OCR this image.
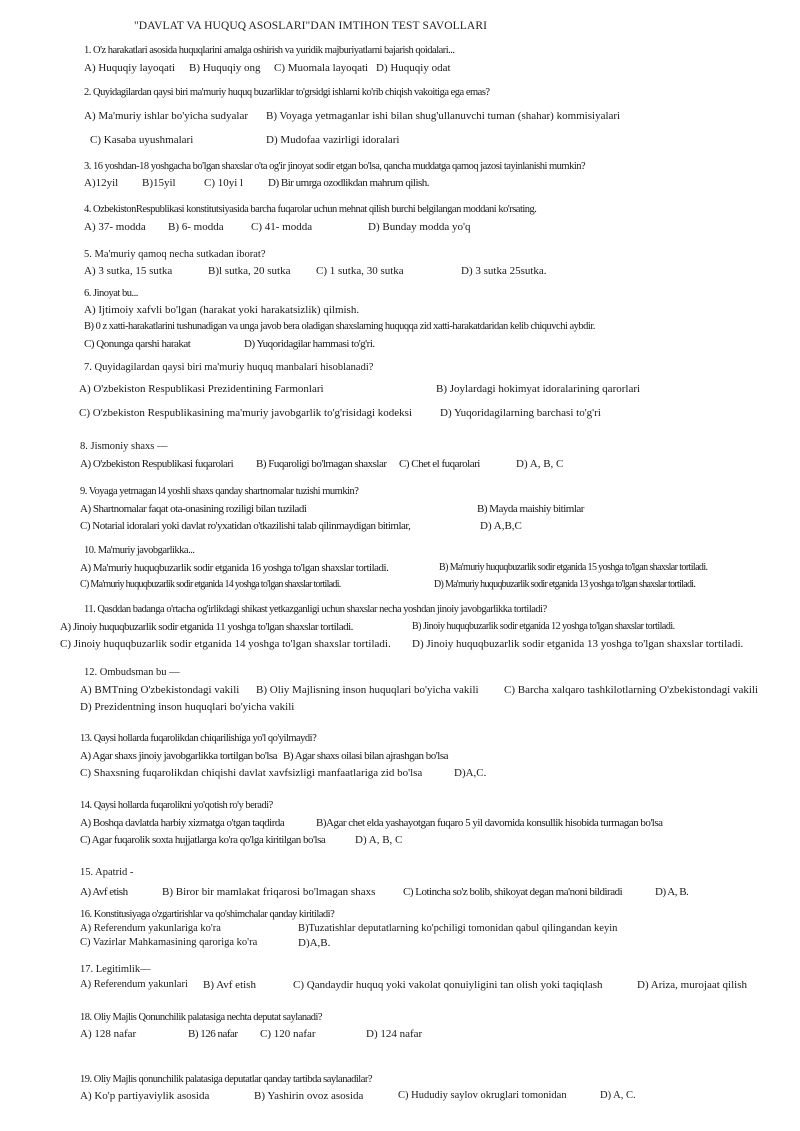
"DAVLAT VA HUQUQ ASOSLARI"DAN IMTIHON TEST SAVOLLARI
1. O'z harakatlari asosida huquqlarini amalga oshirish va yuridik majburiyatlarni bajarish qoidalari...
A) Huquqiy layoqati B) Huquqiy ong C) Muomala layoqati D) Huquqiy odat
2. Quyidagilardan qaysi biri ma'muriy huquq buzarliklar to'grsidgi ishlarni ko'rib chiqish vakoitiga ega emas?
A) Ma'muriy ishlar bo'yicha sudyalar B) Voyaga yetmaganlar ishi bilan shug'ullanuvchi tuman (shahar) kommisiyalari
C) Kasaba uyushmalari	D) Mudofaa vazirligi idoralari
3. 16 yoshdan-18 yoshgacha bo'lgan shaxslar o'ta og'ir jinoyat sodir etgan bo'lsa, qancha muddatga qamoq jazosi tayinlanishi mumkin?
A)12yil B)15yil	C) 10yi l D) Bir umrga ozodlikdan mahrum qilish.
4. OzbekistonRespublikasi konstitutsiyasida barcha fuqarolar uchun mehnat qilish burchi belgilangan moddani ko'rsating.
A) 37- modda B) 6- modda C) 41- modda	D) Bunday modda yo'q
5. Ma'muriy qamoq necha sutkadan iborat?
A) 3 sutka, 15 sutka	B)l sutka, 20 sutka C) 1 sutka, 30 sutka	D) 3 sutka 25sutka.
6. Jinoyat bu...
A) Ijtimoiy xafvli bo'lgan (harakat yoki harakatsizlik) qilmish.
B) 0 z xatti-harakatlarini tushunadigan va unga javob bera oladigan shaxslarning huquqqa zid xatti-harakatdaridan kelib chiquvchi aybdir.
C) Qonunga qarshi harakat	D) Yuqoridagilar hammasi to'g'ri.
7. Quyidagilardan qaysi biri ma'muriy huquq manbalari hisoblanadi?
A) O'zbekiston Respublikasi Prezidentining Farmonlari	B) Joylardagi hokimyat idoralarining qarorlari
C) O'zbekiston Respublikasining ma'muriy javobgarlik to'g'risidagi kodeksi	D) Yuqoridagilarning barchasi to'g'ri
8. Jismoniy shaxs —
A) O'zbekiston Respublikasi fuqarolari B) Fuqaroligi bo'lmagan shaxslar C) Chet el fuqarolari	D) A, B, C
9. Voyaga yetmagan l4 yoshli shaxs qanday shartnomalar tuzishi mumkin?
A) Shartnomalar faqat ota-onasining roziligi bilan tuziladi	B) Mayda maishiy bitimlar
C) Notarial idoralari yoki davlat ro'yxatidan o'tkazilishi talab qilinmaydigan bitimlar,	D) A,B,C
10. Ma'muriy javobgarlikka...
A) Ma'muriy huquqbuzarlik sodir etganida 16 yoshga to'lgan shaxslar tortiladi.	B) Ma'muriy huquqbuzarlik sodir etganida 15 yoshga to'lgan shaxslar tortiladi.
C) Ma'muriy huquqbuzarlik sodir etganida 14 yoshga to'lgan shaxslar tortiladi.	D) Ma'muriy huquqbuzarlik sodir etganida 13 yoshga to'lgan shaxslar tortiladi.
11. Qasddan badanga o'rtacha og'irlikdagi shikast yetkazganligi uchun shaxslar necha yoshdan jinoiy javobgarlikka tortiladi?
A) Jinoiy huquqbuzarlik sodir etganida 11 yoshga to'lgan shaxslar tortiladi.	B) Jinoiy huquqbuzarlik sodir etganida 12 yoshga to'lgan shaxslar tortiladi.
C) Jinoiy huquqbuzarlik sodir etganida 14 yoshga to'lgan shaxslar tortiladi. D) Jinoiy huquqbuzarlik sodir etganida 13 yoshga to'lgan shaxslar tortiladi.
12. Ombudsman bu —
A) BMTning O'zbekistondagi vakili B) Oliy Majlisning inson huquqlari bo'yicha vakili C) Barcha xalqaro tashkilotlarning O'zbekistondagi vakili
D) Prezidentning inson huquqlari bo'yicha vakili
13. Qaysi hollarda fuqarolikdan chiqarilishiga yo'l qo'yilmaydi?
A) Agar shaxs jinoiy javobgarlikka tortilgan bo'lsa B) Agar shaxs oilasi bilan ajrashgan bo'lsa
C) Shaxsning fuqarolikdan chiqishi davlat xavfsizligi manfaatlariga zid bo'lsa	D)A,C.
14. Qaysi hollarda fuqarolikni yo'qotish ro'y beradi?
A) Boshqa davlatda harbiy xizmatga o'tgan taqdirda	B)Agar chet elda yashayotgan fuqaro 5 yil davomida konsullik hisobida turmagan bo'lsa
C) Agar fuqarolik soxta hujjatlarga ko'ra qo'lga kiritilgan bo'lsa	D) A, B, C
15. Apatrid -
A) Avf etish	B) Biror bir mamlakat friqarosi bo'lmagan shaxs	C) Lotincha so'z bolib, shikoyat degan ma'noni bildiradi	D) A, B.
16. Konstitusiyaga o'zgartirishlar va qo'shimchalar qanday kiritiladi?
A) Referendum yakunlariga ko'ra	B)Tuzatishlar deputatlarning ko'pchiligi tomonidan qabul qilingandan keyin
C) Vazirlar Mahkamasining qaroriga ko'ra	D)A,B.
17. Legitimlik—
A) Referendum yakunlari B) Avf etish	C) Qandaydir huquq yoki vakolat qonuiyligini tan olish yoki taqiqlash	D) Ariza, murojaat qilish
18. Oliy Majlis Qonunchilik palatasiga nechta deputat saylanadi?
A) 128 nafar	B) 126 nafar C) 120 nafar	D) 124 nafar
19. Oliy Majlis qonunchilik palatasiga deputatlar qanday tartibda saylanadilar?
A) Ko'p partiyaviylik asosida	B) Yashirin ovoz asosida	C) Hududiy saylov okruglari tomonidan	D) A, C.
